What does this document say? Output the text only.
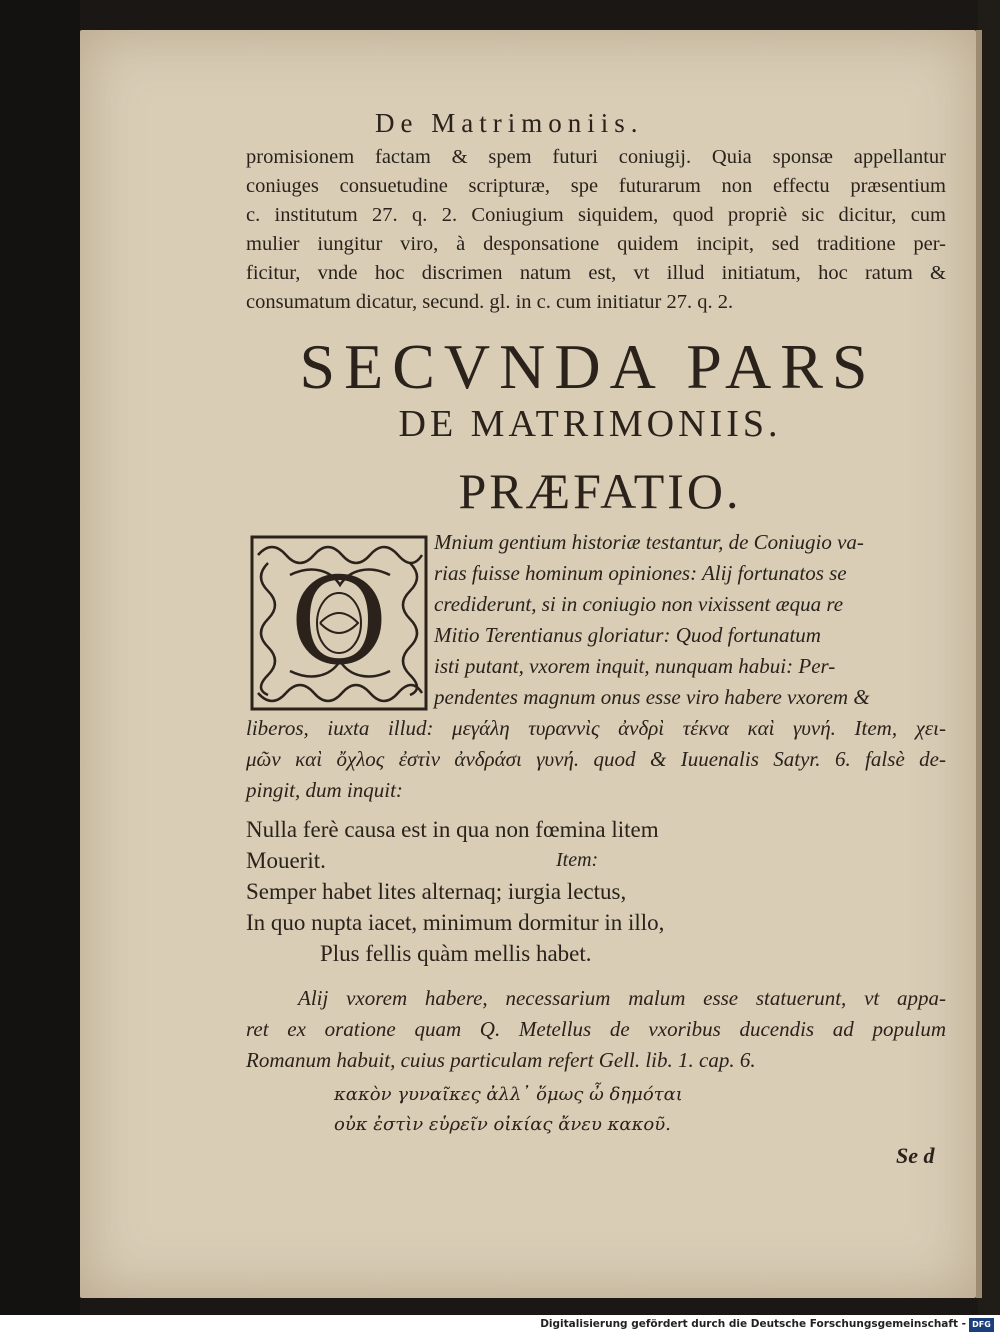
De Matrimoniis.
promisionem factam & spem futuri coniugij. Quia sponsæ appellantur
coniuges consuetudine scripturæ, spe futurarum non effectu præsentium
c. institutum 27. q. 2. Coniugium siquidem, quod propriè sic dicitur, cum
mulier iungitur viro, à desponsatione quidem incipit, sed traditione per-
ficitur, vnde hoc discrimen natum est, vt illud initiatum, hoc ratum &
consumatum dicatur, secund. gl. in c. cum initiatur 27. q. 2.
SECVNDA PARS
DE MATRIMONIIS.
PRÆFATIO.
O
Mnium gentium historiæ testantur, de Coniugio va-
rias fuisse hominum opiniones: Alij fortunatos se
crediderunt, si in coniugio non vixissent æqua re
Mitio Terentianus gloriatur: Quod fortunatum
isti putant, vxorem inquit, nunquam habui: Per-
pendentes magnum onus esse viro habere vxorem &
liberos, iuxta illud: μεγάλη τυραννὶς ἀνδρὶ τέκνα καὶ γυνή. Item, χει-
μῶν καὶ ὄχλος ἐστὶν ἀνδράσι γυνή. quod & Iuuenalis Satyr. 6. falsè de-
pingit, dum inquit:
Nulla ferè causa est in qua non fœmina litem
Mouerit.	Item:
Semper habet lites alternaq; iurgia lectus,
In quo nupta iacet, minimum dormitur in illo,
Plus fellis quàm mellis habet.
Alij vxorem habere, necessarium malum esse statuerunt, vt appa-
ret ex oratione quam Q. Metellus de vxoribus ducendis ad populum
Romanum habuit, cuius particulam refert Gell. lib. 1. cap. 6.
κακὸν γυναῖκες ἀλλ᾽ ὅμως ὦ δημόται
οὐκ ἐστὶν εὑρεῖν οἰκίας ἄνευ κακοῦ.
Se d
Digitalisierung gefördert durch die Deutsche Forschungsgemeinschaft - DFG
